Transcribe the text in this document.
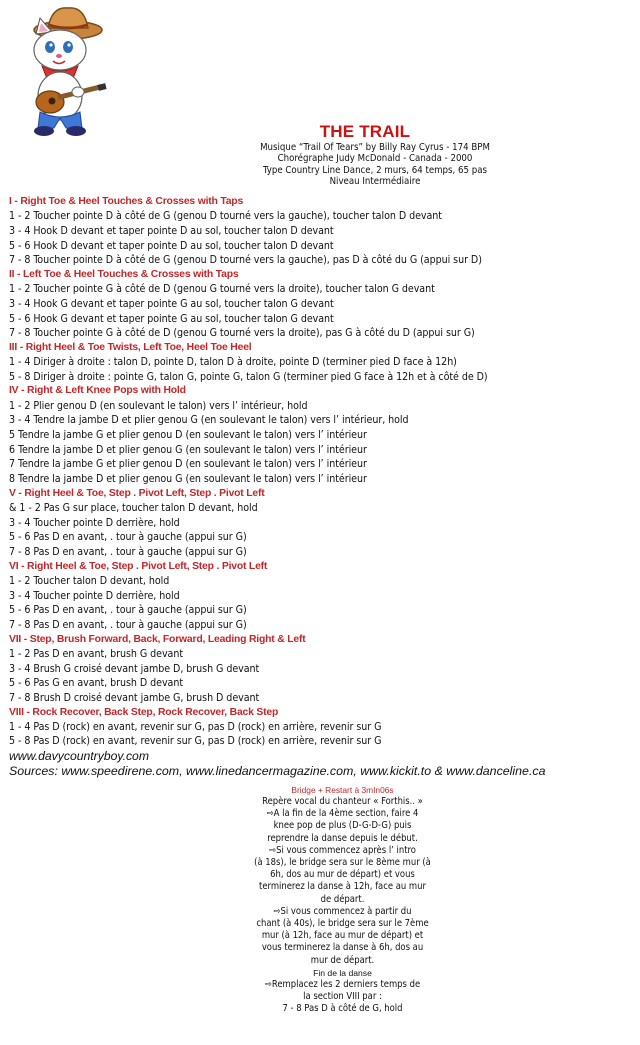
THE TRAIL
Musique “Trail Of Tears” by Billy Ray Cyrus - 174 BPM
Chorégraphe Judy McDonald - Canada - 2000
Type Country Line Dance, 2 murs, 64 temps, 65 pas
Niveau Intermédiaire
I - Right Toe & Heel Touches & Crosses with Taps
1 - 2 Toucher pointe D à côté de G (genou D tourné vers la gauche), toucher talon D devant
3 - 4 Hook D devant et taper pointe D au sol, toucher talon D devant
5 - 6 Hook D devant et taper pointe D au sol, toucher talon D devant
7 - 8 Toucher pointe D à côté de G (genou D tourné vers la gauche), pas D à côté du G (appui sur D)
II - Left Toe & Heel Touches & Crosses with Taps
1 - 2 Toucher pointe G à côté de D (genou G tourné vers la droite), toucher talon G devant
3 - 4 Hook G devant et taper pointe G au sol, toucher talon G devant
5 - 6 Hook G devant et taper pointe G au sol, toucher talon G devant
7 - 8 Toucher pointe G à côté de D (genou G tourné vers la droite), pas G à côté du D (appui sur G)
III - Right Heel & Toe Twists, Left Toe, Heel Toe Heel
1 - 4 Diriger à droite : talon D, pointe D, talon D à droite, pointe D (terminer pied D face à 12h)
5 - 8 Diriger à droite : pointe G, talon G, pointe G, talon G (terminer pied G face à 12h et à côté de D)
IV - Right & Left Knee Pops with Hold
1 - 2 Plier genou D (en soulevant le talon) vers l’ intérieur, hold
3 - 4 Tendre la jambe D et plier genou G (en soulevant le talon) vers l’ intérieur, hold
5 Tendre la jambe G et plier genou D (en soulevant le talon) vers l’ intérieur
6 Tendre la jambe D et plier genou G (en soulevant le talon) vers l’ intérieur
7 Tendre la jambe G et plier genou D (en soulevant le talon) vers l’ intérieur
8 Tendre la jambe D et plier genou G (en soulevant le talon) vers l’ intérieur
V - Right Heel & Toe, Step . Pivot Left, Step . Pivot Left
& 1 - 2 Pas G sur place, toucher talon D devant, hold
3 - 4 Toucher pointe D derrière, hold
5 - 6 Pas D en avant, . tour à gauche (appui sur G)
7 - 8 Pas D en avant, . tour à gauche (appui sur G)
VI - Right Heel & Toe, Step . Pivot Left, Step . Pivot Left
1 - 2 Toucher talon D devant, hold
3 - 4 Toucher pointe D derrière, hold
5 - 6 Pas D en avant, . tour à gauche (appui sur G)
7 - 8 Pas D en avant, . tour à gauche (appui sur G)
VII - Step, Brush Forward, Back, Forward, Leading Right & Left
1 - 2 Pas D en avant, brush G devant
3 - 4 Brush G croisé devant jambe D, brush G devant
5 - 6 Pas G en avant, brush D devant
7 - 8 Brush D croisé devant jambe G, brush D devant
VIII - Rock Recover, Back Step, Rock Recover, Back Step
1 - 4 Pas D (rock) en avant, revenir sur G, pas D (rock) en arrière, revenir sur G
5 - 8 Pas D (rock) en avant, revenir sur G, pas D (rock) en arrière, revenir sur G
www.davycountryboy.com
Sources: www.speedirene.com, www.linedancermagazine.com, www.kickit.to & www.danceline.ca
Bridge + Restart à 3mIn06s
Repère vocal du chanteur « Forthis.. »
⇨A la fin de la 4ème section, faire 4
knee pop de plus (D-G-D-G) puis
reprendre la danse depuis le début.
⇨Si vous commencez après l’ intro
(à 18s), le bridge sera sur le 8ème mur (à
6h, dos au mur de départ) et vous
terminerez la danse à 12h, face au mur
de départ.
⇨Si vous commencez à partir du
chant (à 40s), le bridge sera sur le 7ème
mur (à 12h, face au mur de départ) et
vous terminerez la danse à 6h, dos au
mur de départ.
Fin de la danse
⇨Remplacez les 2 derniers temps de
la section VIII par :
7 - 8 Pas D à côté de G, hold
